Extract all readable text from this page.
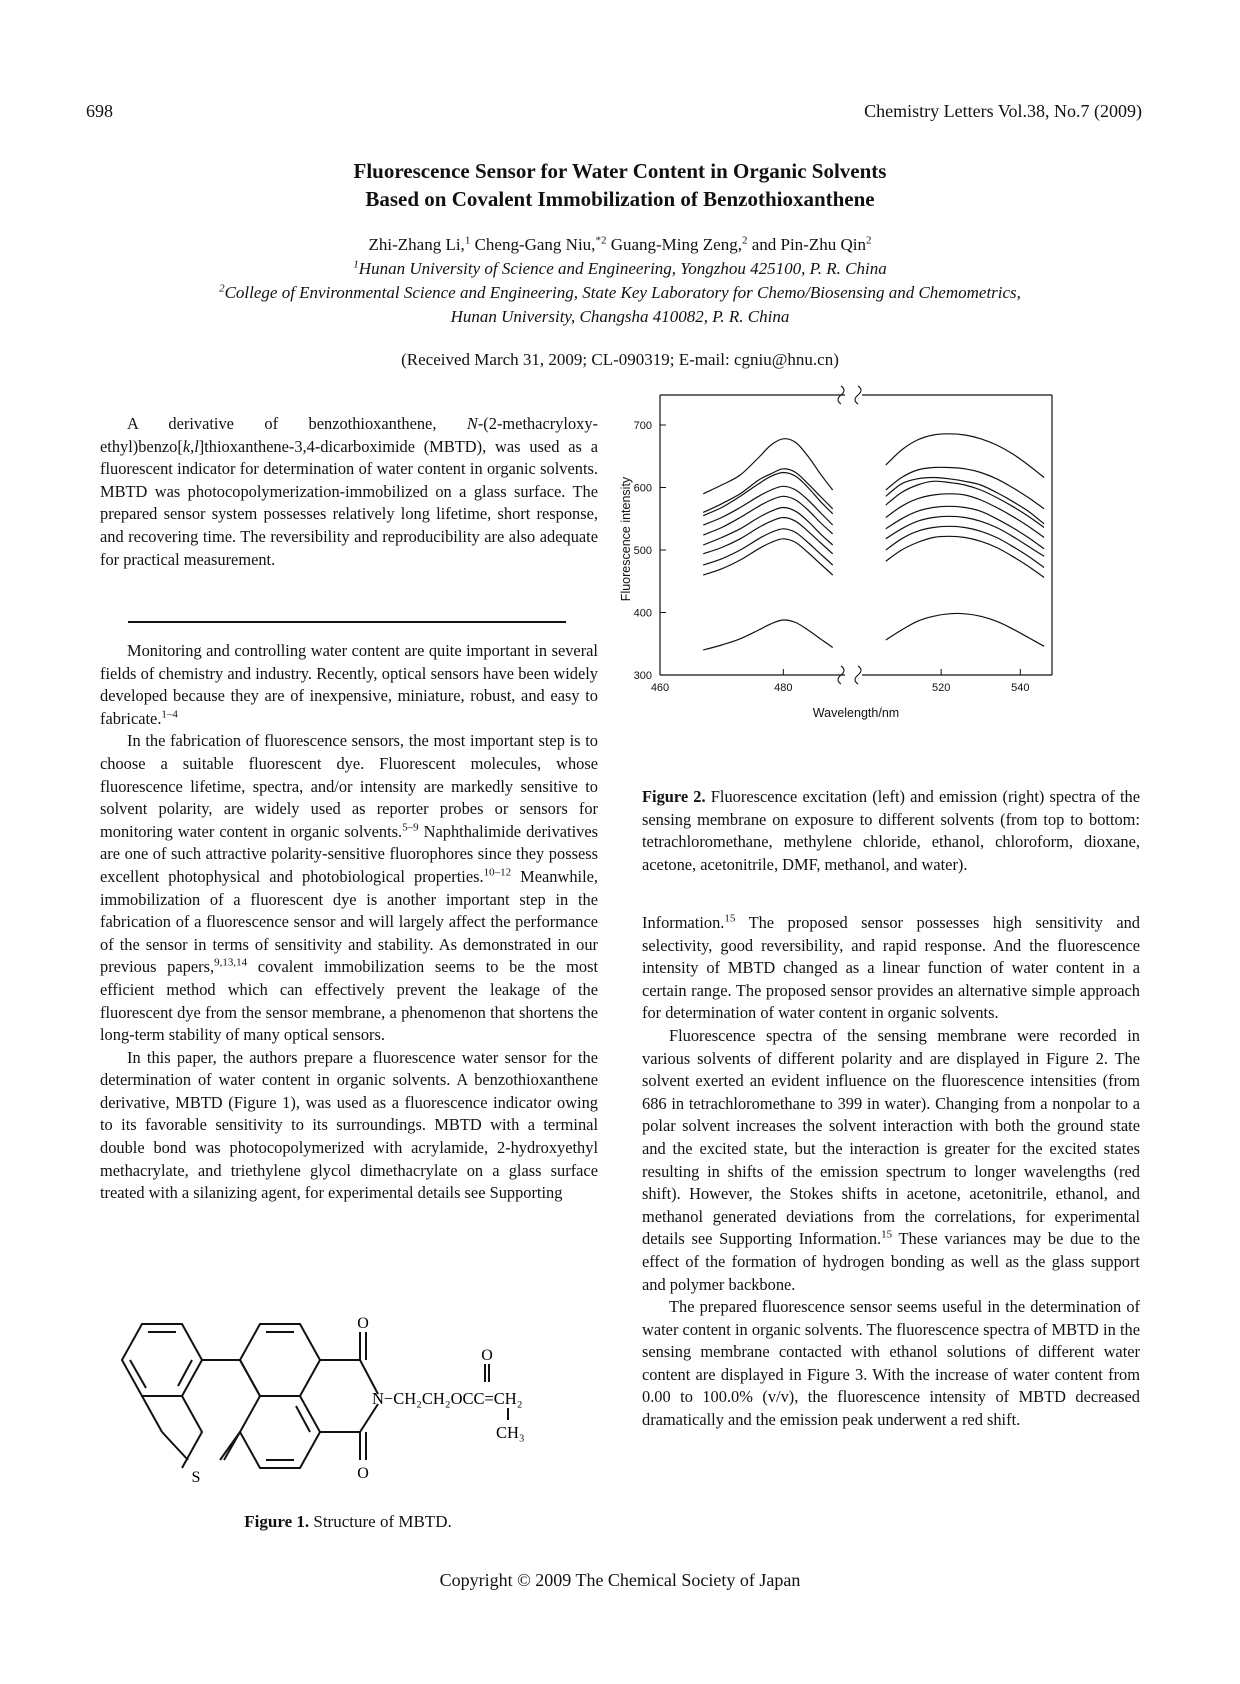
698	Chemistry Letters Vol.38, No.7 (2009)
Fluorescence Sensor for Water Content in Organic Solvents
Based on Covalent Immobilization of Benzothioxanthene
Zhi-Zhang Li,$^1$ Cheng-Gang Niu,$^{*2}$ Guang-Ming Zeng,$^2$ and Pin-Zhu Qin$^2$
$^1$Hunan University of Science and Engineering, Yongzhou 425100, P. R. China
$^2$College of Environmental Science and Engineering, State Key Laboratory for Chemo/Biosensing and Chemometrics,
Hunan University, Changsha 410082, P. R. China
(Received March 31, 2009; CL-090319; E-mail: cgniu@hnu.cn)

A derivative of benzothioxanthene, N-(2-methacryloxy-ethyl)benzo[k,l]thioxanthene-3,4-dicarboximide (MBTD), was used as a fluorescent indicator for determination of water content in organic solvents. MBTD was photocopolymerization-immobilized on a glass surface. The prepared sensor system possesses relatively long lifetime, short response, and recovering time. The reversibility and reproducibility are also adequate for practical measurement.

Monitoring and controlling water content are quite important in several fields of chemistry and industry. Recently, optical sensors have been widely developed because they are of inexpensive, miniature, robust, and easy to fabricate.$^{1-4}$

In the fabrication of fluorescence sensors, the most important step is to choose a suitable fluorescent dye. Fluorescent molecules, whose fluorescence lifetime, spectra, and/or intensity are markedly sensitive to solvent polarity, are widely used as reporter probes or sensors for monitoring water content in organic solvents.$^{5-9}$ Naphthalimide derivatives are one of such attractive polarity-sensitive fluorophores since they possess excellent photophysical and photobiological properties.$^{10-12}$ Meanwhile, immobilization of a fluorescent dye is another important step in the fabrication of a fluorescence sensor and will largely affect the performance of the sensor in terms of sensitivity and stability. As demonstrated in our previous papers,$^{9,13,14}$ covalent immobilization seems to be the most efficient method which can effectively prevent the leakage of the fluorescent dye from the sensor membrane, a phenomenon that shortens the long-term stability of many optical sensors.

In this paper, the authors prepare a fluorescence water sensor for the determination of water content in organic solvents. A benzothioxanthene derivative, MBTD (Figure 1), was used as a fluorescence indicator owing to its favorable sensitivity to its surroundings. MBTD with a terminal double bond was photocopolymerized with acrylamide, 2-hydroxyethyl methacrylate, and triethylene glycol dimethacrylate on a glass surface treated with a silanizing agent, for experimental details see Supporting

O
O
O
S
N−CH₂CH₂OCC=CH₂
CH₃
Figure 1. Structure of MBTD.
300
400
500
600
700
460	480	520	540
Wavelength/nm
Fluorescence intensity
Figure 2. Fluorescence excitation (left) and emission (right) spectra of the sensing membrane on exposure to different solvents (from top to bottom: tetrachloromethane, methylene chloride, ethanol, chloroform, dioxane, acetone, acetonitrile, DMF, methanol, and water).

Information.$^{15}$ The proposed sensor possesses high sensitivity and selectivity, good reversibility, and rapid response. And the fluorescence intensity of MBTD changed as a linear function of water content in a certain range. The proposed sensor provides an alternative simple approach for determination of water content in organic solvents.

Fluorescence spectra of the sensing membrane were recorded in various solvents of different polarity and are displayed in Figure 2. The solvent exerted an evident influence on the fluorescence intensities (from 686 in tetrachloromethane to 399 in water). Changing from a nonpolar to a polar solvent increases the solvent interaction with both the ground state and the excited state, but the interaction is greater for the excited states resulting in shifts of the emission spectrum to longer wavelengths (red shift). However, the Stokes shifts in acetone, acetonitrile, ethanol, and methanol generated deviations from the correlations, for experimental details see Supporting Information.$^{15}$ These variances may be due to the effect of the formation of hydrogen bonding as well as the glass support and polymer backbone.

The prepared fluorescence sensor seems useful in the determination of water content in organic solvents. The fluorescence spectra of MBTD in the sensing membrane contacted with ethanol solutions of different water content are displayed in Figure 3. With the increase of water content from 0.00 to 100.0% (v/v), the fluorescence intensity of MBTD decreased dramatically and the emission peak underwent a red shift.

Copyright © 2009 The Chemical Society of Japan
